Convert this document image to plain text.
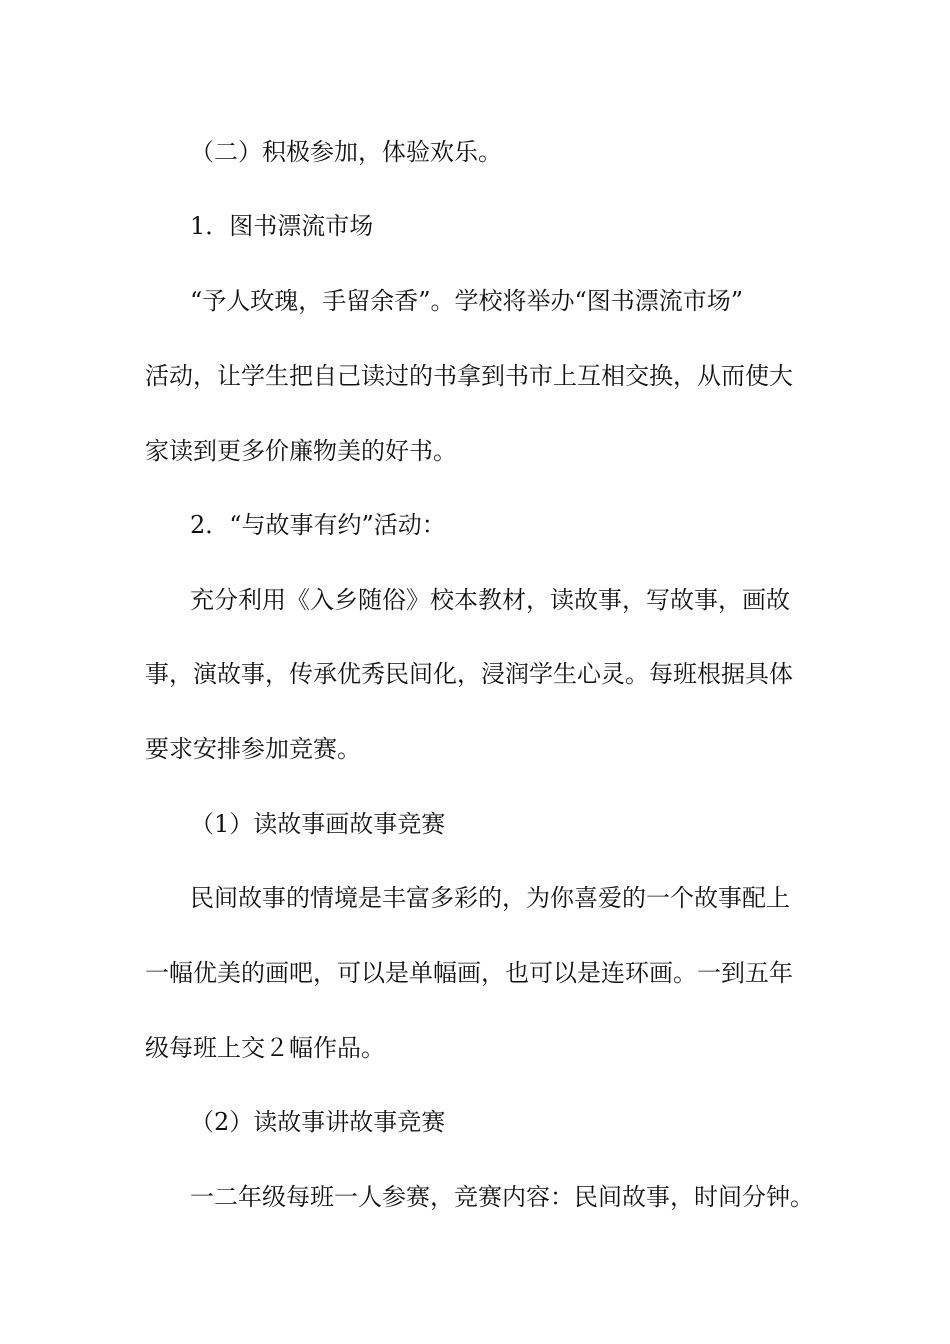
（二）积极参加，体验欢乐。
1．图书漂流市场
“予人玫瑰，手留余香”。学校将举办“图书漂流市场”
活动，让学生把自己读过的书拿到书市上互相交换，从而使大
家读到更多价廉物美的好书。
2．“与故事有约”活动：
充分利用《入乡随俗》校本教材，读故事，写故事，画故
事，演故事，传承优秀民间化，浸润学生心灵。每班根据具体
要求安排参加竞赛。
（1）读故事画故事竞赛
民间故事的情境是丰富多彩的，为你喜爱的一个故事配上
一幅优美的画吧，可以是单幅画，也可以是连环画。一到五年
级每班上交２幅作品。
（2）读故事讲故事竞赛
一二年级每班一人参赛，竞赛内容：民间故事，时间分钟。
